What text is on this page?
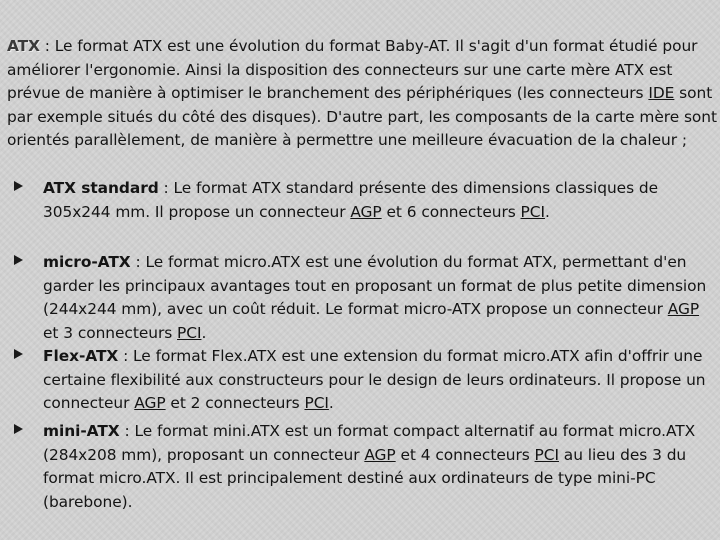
ATX : Le format ATX est une évolution du format Baby-AT. Il s'agit d'un format étudié pour améliorer l'ergonomie. Ainsi la disposition des connecteurs sur une carte mère ATX est prévue de manière à optimiser le branchement des périphériques (les connecteurs IDE sont par exemple situés du côté des disques). D'autre part, les composants de la carte mère sont orientés parallèlement, de manière à permettre une meilleure évacuation de la chaleur ;

ATX standard : Le format ATX standard présente des dimensions classiques de 305x244 mm. Il propose un connecteur AGP et 6 connecteurs PCI.

micro-ATX : Le format micro.ATX est une évolution du format ATX, permettant d'en garder les principaux avantages tout en proposant un format de plus petite dimension (244x244 mm), avec un coût réduit. Le format micro-ATX propose un connecteur AGP et 3 connecteurs PCI.

Flex-ATX : Le format Flex.ATX est une extension du format micro.ATX afin d'offrir une certaine flexibilité aux constructeurs pour le design de leurs ordinateurs. Il propose un connecteur AGP et 2 connecteurs PCI.

mini-ATX : Le format mini.ATX est un format compact alternatif au format micro.ATX (284x208 mm), proposant un connecteur AGP et 4 connecteurs PCI au lieu des 3 du format micro.ATX. Il est principalement destiné aux ordinateurs de type mini-PC (barebone).
